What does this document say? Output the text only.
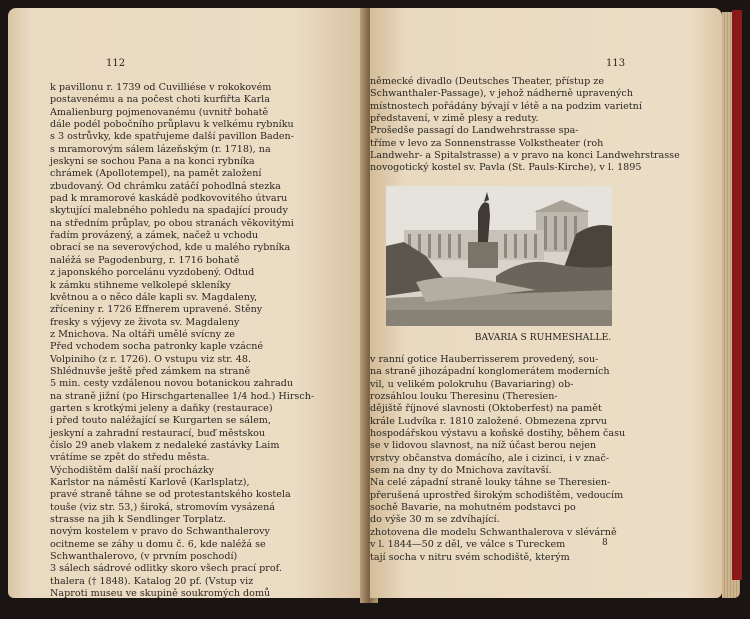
112
k pavillonu r. 1739 od Cuvilliése v rokokovém
postavenému a na počest choti kurfiřta Karla
Amalienburg pojmenovanému (uvnitř bohatě
dále podél pobočního průplavu k velkému rybníku
s 3 ostrůvky, kde spatřujeme další pavillon Baden-
s mramorovým sálem lázeňským (r. 1718), na
jeskyni se sochou Pana a na konci rybníka
chrámek (Apollotempel), na pamět založení
zbudovaný. Od chrámku zatáčí pohodlná stezka
pad k mramorové kaskádě podkovovitého útvaru
skytující malebného pohledu na spadající proudy
na středním průplav, po obou stranách věkovitými
řadím provázený, a zámek, načež u vchodu
obrací se na severovýchod, kde u malého rybníka
naléžá se Pagodenburg, r. 1716 bohatě
z japonského porcelánu vyzdobený. Odtud
k zámku stihneme velkolepé skleníky
květnou a o něco dále kapli sv. Magdaleny,
zříceniny r. 1726 Effnerem upravené. Stěny
fresky s výjevy ze života sv. Magdaleny
z Mnichova. Na oltáři umělé svícny ze
Před vchodem socha patronky kaple vzácné
Volpiniho (z r. 1726). O vstupu viz str. 48.
Shlédnuvše ještě před zámkem na straně
5 min. cesty vzdálenou novou botanickou zahradu
na straně jižní (po Hirschgartenallee 1/4 hod.) Hirsch-
garten s krotkými jeleny a daňky (restaurace)
i před touto naléžající se Kurgarten se sálem,
jeskyní a zahradní restaurací, buď městskou
číslo 29 aneb vlakem z nedaleké zastávky Laim
vrátíme se zpět do středu města.
Východištěm další naší procházky
Karlstor na náměstí Karlově (Karlsplatz),
pravé straně táhne se od protestantského kostela
touše (viz str. 53,) široká, stromovím vysázená
strasse na jih k Sendlinger Torplatz.
novým kostelem v pravo do Schwanthalerovy
ocitneme se záhy u domu č. 6, kde naléžá se
Schwanthalerovo, (v prvním poschodí)
3 sálech sádrové odlitky skoro všech prací prof.
thalera († 1848). Katalog 20 pf. (Vstup viz
Naproti museu ve skupině soukromých domů
113
německé divadlo (Deutsches Theater, přístup ze
Schwanthaler-Passage), v jehož nádherně upravených
místnostech pořádány bývají v létě a na podzim varietní
představení, v zimě plesy a reduty.
Prošedše passagí do Landwehrstrasse spa-
tříme v levo za Sonnenstrasse Volkstheater (roh
Landwehr- a Spitalstrasse) a v pravo na konci Landwehrstrasse
novogotický kostel sv. Pavla (St. Pauls-Kirche), v l. 1895
BAVARIA S RUHMESHALLE.
v ranní gotice Hauberrisserem provedený, sou-
na straně jihozápadní konglomerátem moderních
vil, u velikém polokruhu (Bavariaring) ob-
rozsáhlou louku Theresinu (Theresien-
dějiště říjnové slavnosti (Oktoberfest) na pamět
krále Ludvíka r. 1810 založené. Obmezena zprvu
hospodářskou výstavu a koňské dostihy, během času
se v lidovou slavnost, na níž účast berou nejen
vrstvy občanstva domácího, ale i cizinci, i v znač-
sem na dny ty do Mnichova zavítavší.
Na celé západní straně louky táhne se Theresien-
přerušená uprostřed širokým schodištěm, vedoucím
sochě Bavarie, na mohutném podstavci po
do výše 30 m se zdvíhající.
zhotovena dle modelu Schwanthalerova v slévárně
v l. 1844—50 z děl, ve válce s Tureckem
tají socha v nitru svém schodiště, kterým
8
